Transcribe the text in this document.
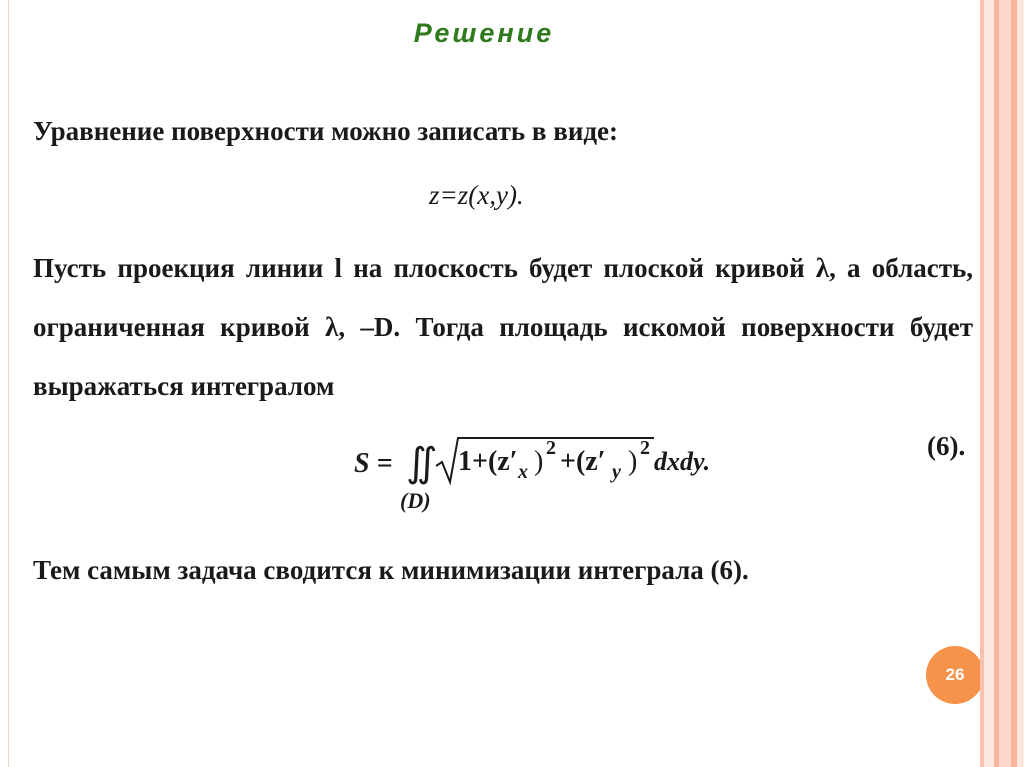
Решение

Уравнение поверхности можно записать в виде:

z=z(x,y).

Пусть проекция линии l на плоскость будет плоской кривой λ, а область, ограниченная кривой λ, –D. Тогда площадь искомой поверхности будет выражаться интегралом

S = ∬
(D)
1+(z′ x ) 2 +(z′ y ) 2 dxdy.
(6).

Тем самым задача сводится к минимизации интеграла (6).

26
